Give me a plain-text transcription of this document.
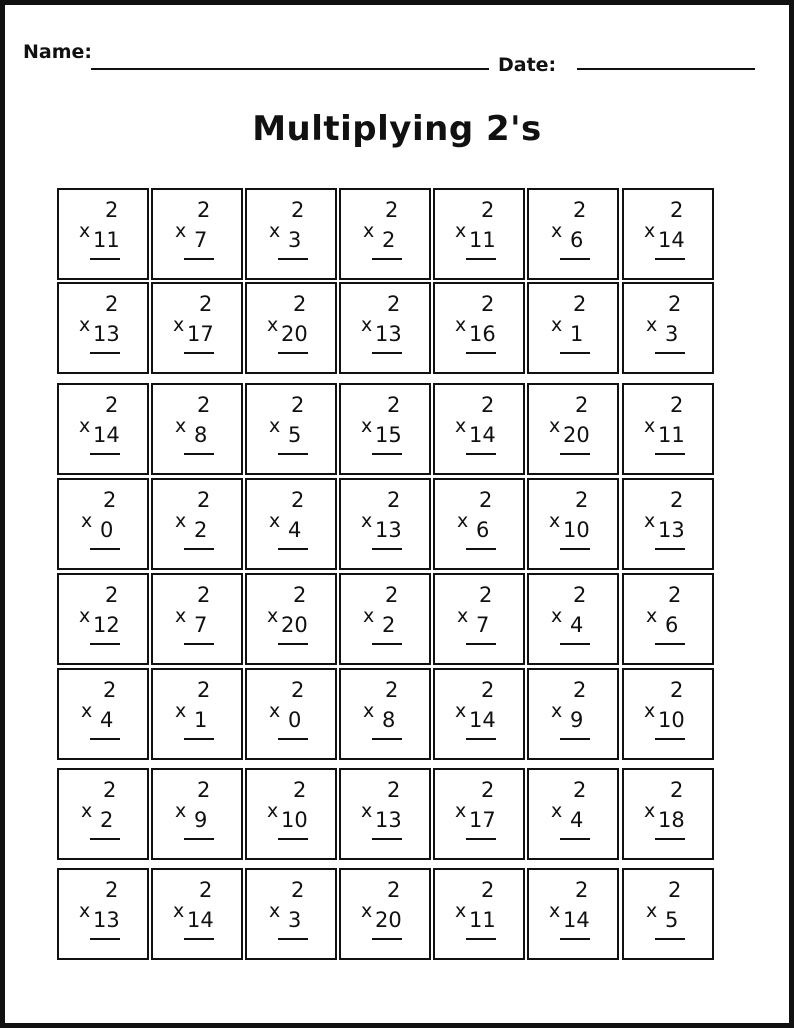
Name:
Date:
Multiplying 2's
2
x 11
2
x 7
2
x 3
2
x 2
2
x 11
2
x 6
2
x 14
2
x 13
2
x 17
2
x 20
2
x 13
2
x 16
2
x 1
2
x 3
2
x 14
2
x 8
2
x 5
2
x 15
2
x 14
2
x 20
2
x 11
2
x 0
2
x 2
2
x 4
2
x 13
2
x 6
2
x 10
2
x 13
2
x 12
2
x 7
2
x 20
2
x 2
2
x 7
2
x 4
2
x 6
2
x 4
2
x 1
2
x 0
2
x 8
2
x 14
2
x 9
2
x 10
2
x 2
2
x 9
2
x 10
2
x 13
2
x 17
2
x 4
2
x 18
2
x 13
2
x 14
2
x 3
2
x 20
2
x 11
2
x 14
2
x 5
